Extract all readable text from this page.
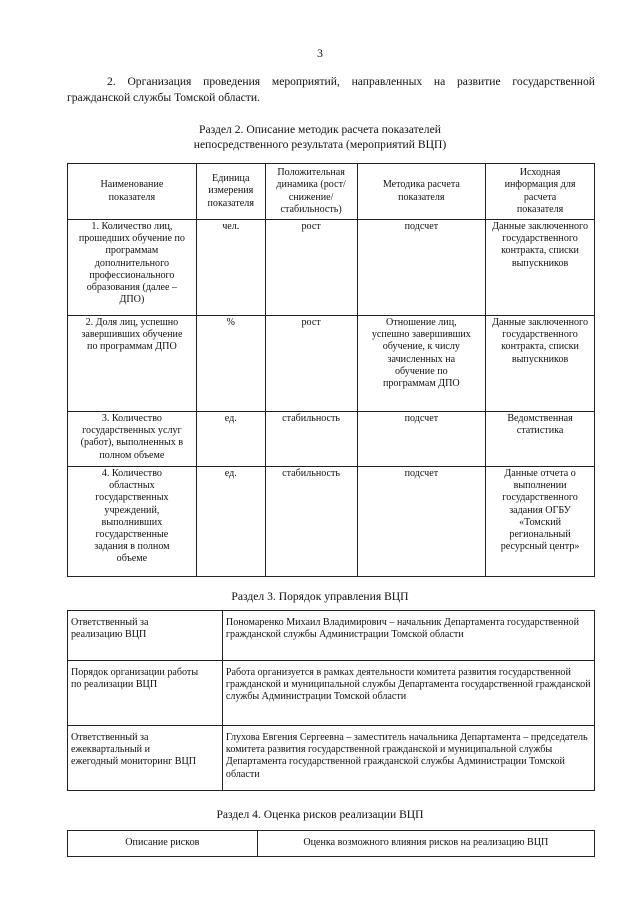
3
2. Организация проведения мероприятий, направленных на развитие государственной гражданской службы Томской области.
Раздел 2. Описание методик расчета показателей
непосредственного результата (мероприятий ВЦП)
Наименование показателя	Единица измерения показателя	Положительная динамика (рост/снижение/ стабильность)	Методика расчета показателя	Исходная информация для расчета показателя
1. Количество лиц, прошедших обучение по программам дополнительного профессионального образования (далее – ДПО)	чел.	рост	подсчет	Данные заключенного государственного контракта, списки выпускников
2. Доля лиц, успешно завершивших обучение по программам ДПО	%	рост	Отношение лиц, успешно завершивших обучение, к числу зачисленных на обучение по программам ДПО	Данные заключенного государственного контракта, списки выпускников
3. Количество государственных услуг (работ), выполненных в полном объеме	ед.	стабильность	подсчет	Ведомственная статистика
4. Количество областных государственных учреждений, выполнивших государственные задания в полном объеме	ед.	стабильность	подсчет	Данные отчета о выполнении государственного задания ОГБУ «Томский региональный ресурсный центр»
Раздел 3. Порядок управления ВЦП
Ответственный за реализацию ВЦП	Пономаренко Михаил Владимирович – начальник Департамента государственной гражданской службы Администрации Томской области
Порядок организации работы по реализации ВЦП	Работа организуется в рамках деятельности комитета развития государственной гражданской и муниципальной службы Департамента государственной гражданской службы Администрации Томской области
Ответственный за ежеквартальный и ежегодный мониторинг ВЦП	Глухова Евгения Сергеевна – заместитель начальника Департамента – председатель комитета развития государственной гражданской и муниципальной службы Департамента государственной гражданской службы Администрации Томской области
Раздел 4. Оценка рисков реализации ВЦП
Описание рисков	Оценка возможного влияния рисков на реализацию ВЦП
